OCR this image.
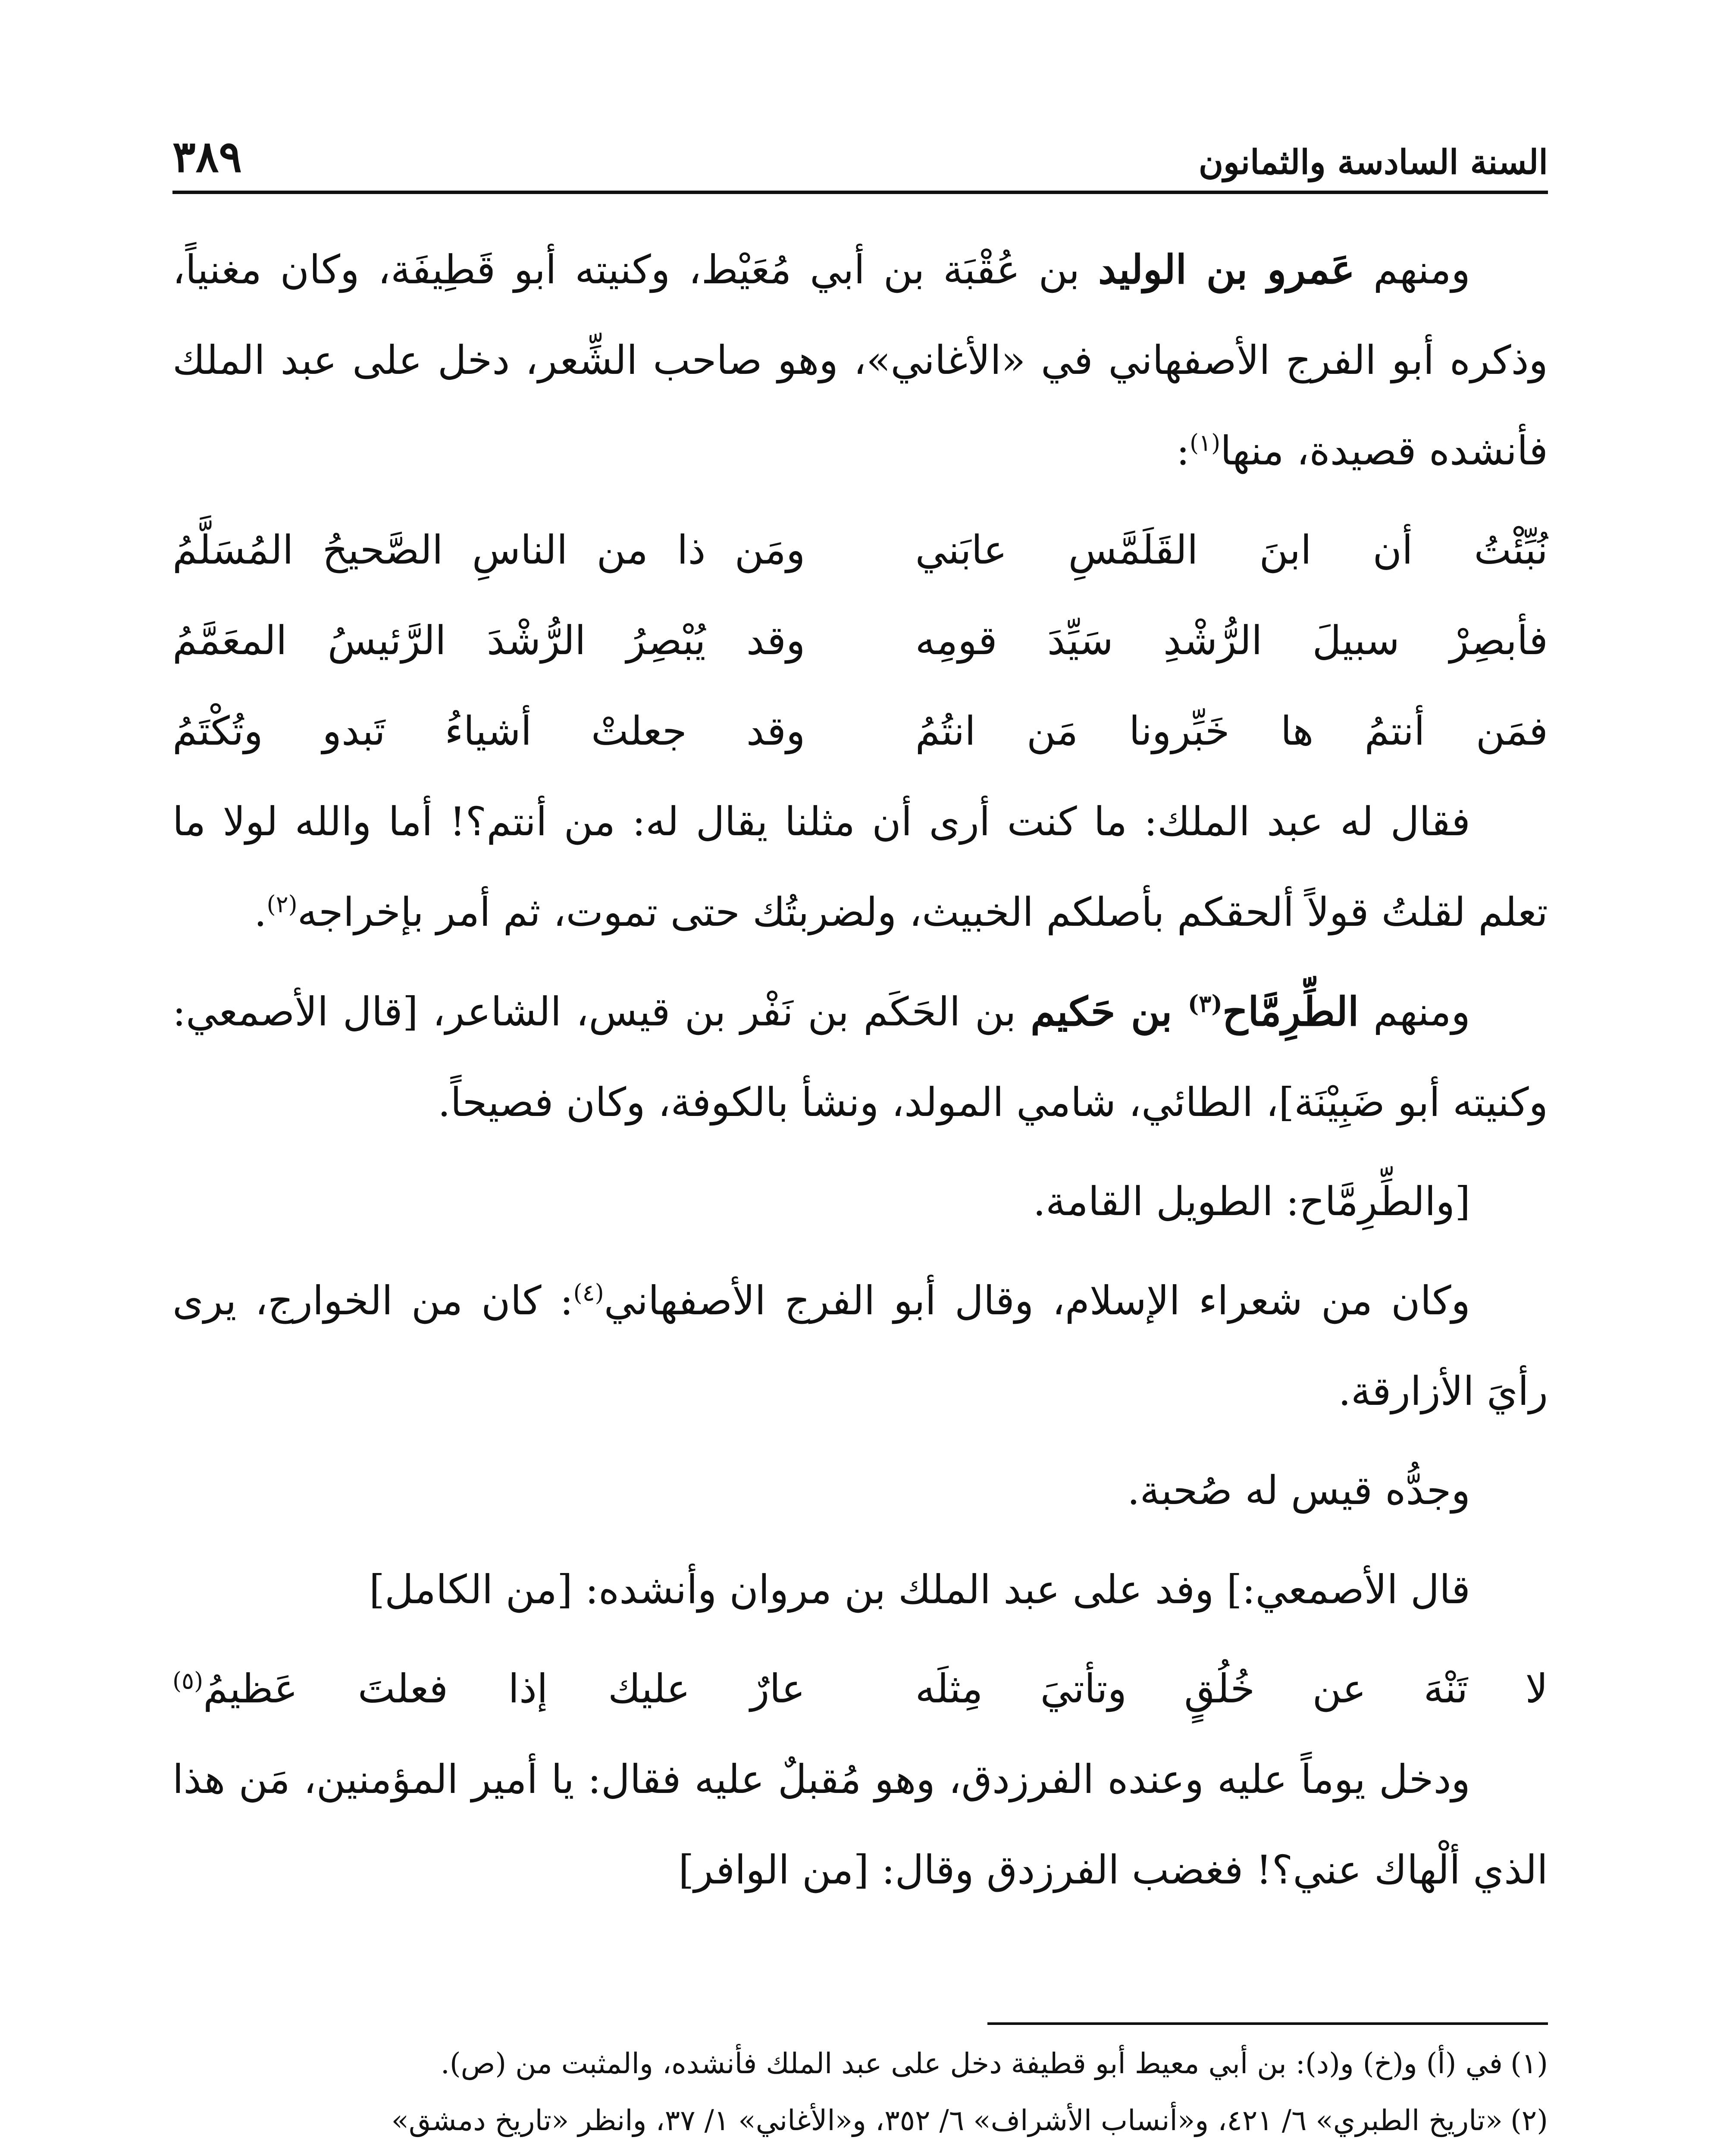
السنة السادسة والثمانون
٣٨٩

ومنهم عَمرو بن الوليد بن عُقْبَة بن أبي مُعَيْط، وكنيته أبو قَطِيفَة، وكان مغنياً، وذكره أبو الفرج الأصفهاني في «الأغاني»، وهو صاحب الشِّعر، دخل على عبد الملك فأنشده قصيدة، منها$^{(١)}$:

نُبِّئْتُ أن ابنَ القَلَمَّسِ عابَني
ومَن ذا من الناسِ الصَّحيحُ المُسَلَّمُ
فأبصِرْ سبيلَ الرُّشْدِ سَيِّدَ قومِه
وقد يُبْصِرُ الرُّشْدَ الرَّئيسُ المعَمَّمُ
فمَن أنتمُ ها خَبِّرونا مَن انتُمُ
وقد جعلتْ أشياءُ تَبدو وتُكْتَمُ

فقال له عبد الملك: ما كنت أرى أن مثلنا يقال له: من أنتم؟! أما والله لولا ما تعلم لقلتُ قولاً ألحقكم بأصلكم الخبيث، ولضربتُك حتى تموت، ثم أمر بإخراجه$^{(٢)}$.

ومنهم الطِّرِمَّاح$^{(٣)}$ بن حَكيم بن الحَكَم بن نَفْر بن قيس، الشاعر، [قال الأصمعي: وكنيته أبو ضَبِيْنَة]، الطائي، شامي المولد، ونشأ بالكوفة، وكان فصيحاً.

[والطِّرِمَّاح: الطويل القامة.

وكان من شعراء الإسلام، وقال أبو الفرج الأصفهاني$^{(٤)}$: كان من الخوارج، يرى رأيَ الأزارقة.

وجدُّه قيس له صُحبة.

قال الأصمعي:] وفد على عبد الملك بن مروان وأنشده: [من الكامل]

لا تَنْهَ عن خُلُقٍ وتأتيَ مِثلَه
عارٌ عليك إذا فعلتَ عَظيمُ$^{(٥)}$

ودخل يوماً عليه وعنده الفرزدق، وهو مُقبلٌ عليه فقال: يا أمير المؤمنين، مَن هذا الذي ألْهاك عني؟! فغضب الفرزدق وقال: [من الوافر]

(١)في (أ) و(خ) و(د): بن أبي معيط أبو قطيفة دخل على عبد الملك فأنشده، والمثبت من (ص).

(٢)«تاريخ الطبري» ٦/ ٤٢١، و«أنساب الأشراف» ٦/ ٣٥٢، و«الأغاني» ١/ ٣٧، وانظر «تاريخ دمشق»
